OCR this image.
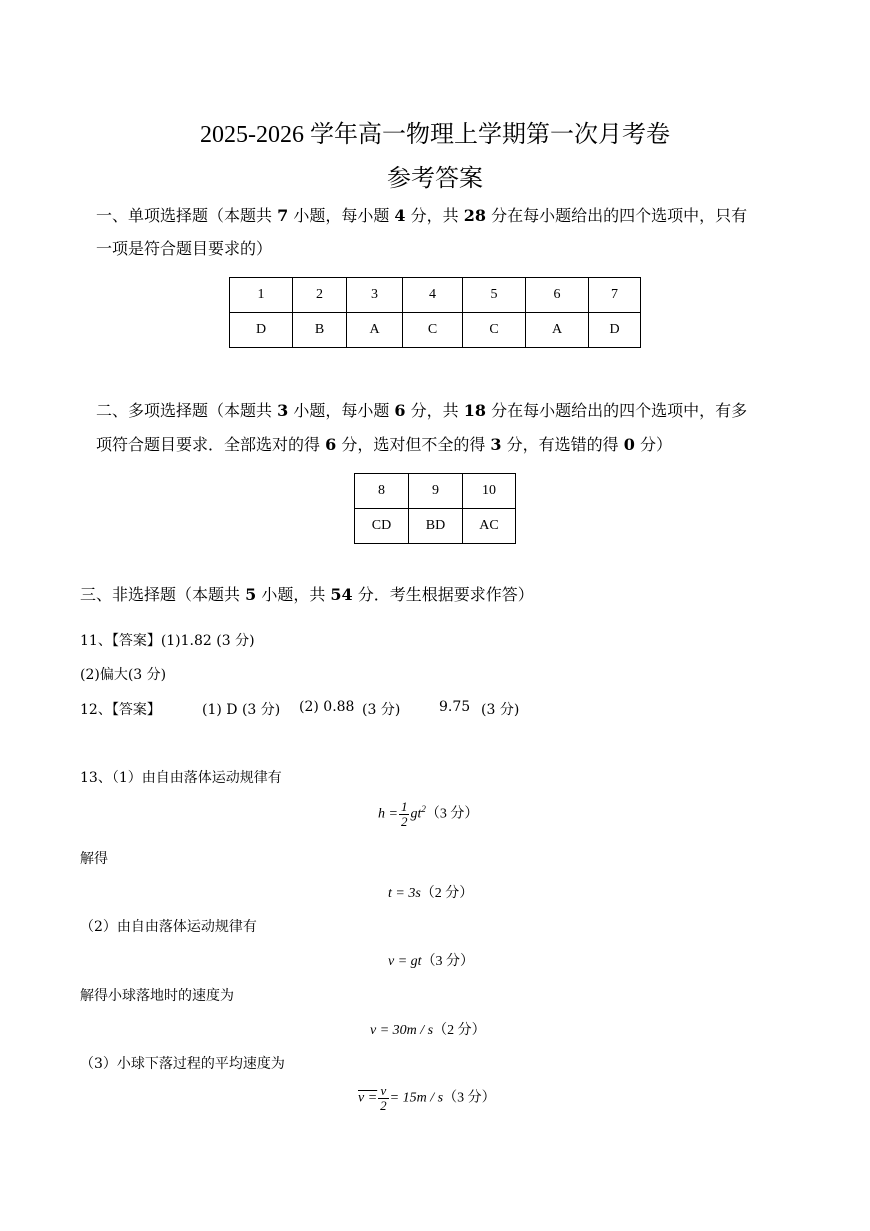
2025-2026 学年高一物理上学期第一次月考卷
参考答案
一、单项选择题（本题共 7 小题，每小题 4 分，共 28 分在每小题给出的四个选项中，只有
一项是符合题目要求的）
1	2	3	4	5	6	7
D	B	A	C	C	A	D
二、多项选择题（本题共 3 小题，每小题 6 分，共 18 分在每小题给出的四个选项中，有多
项符合题目要求．全部选对的得 6 分，选对但不全的得 3 分，有选错的得 0 分）
8	9	10
CD	BD	AC
三、非选择题（本题共 5 小题，共 54 分．考生根据要求作答）
11、【答案】(1)1.82 (3 分)
(2)偏大(3 分)
12、【答案】	(1) D (3 分) (2) 0.88 (3 分)	9.75 (3 分)
13、（1）由自由落体运动规律有
$h = \frac{1}{2} gt^2(3$ 分）
解得
t = 3s（2 分）
（2）由自由落体运动规律有
v = gt（3 分）
解得小球落地时的速度为
v = 30m / s（2 分）
（3）小球下落过程的平均速度为
$v = \frac{v}{2} = 15m / s(3$ 分）
